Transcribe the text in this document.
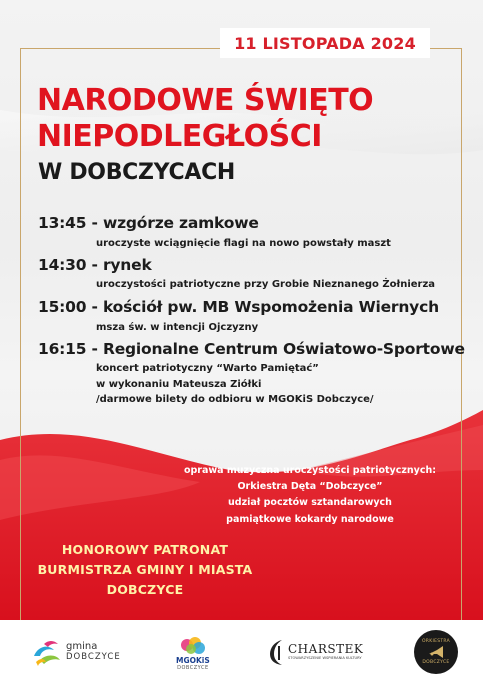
11 LISTOPADA 2024
NARODOWE ŚWIĘTO
NIEPODLEGŁOŚCI
W DOBCZYCACH
13:45 - wzgórze zamkowe
uroczyste wciągnięcie flagi na nowo powstały maszt
14:30 - rynek
uroczystości patriotyczne przy Grobie Nieznanego Żołnierza
15:00 - kościół pw. MB Wspomożenia Wiernych
msza św. w intencji Ojczyzny
16:15 - Regionalne Centrum Oświatowo-Sportowe
koncert patriotyczny “Warto Pamiętać”
w wykonaniu Mateusza Ziółki
/darmowe bilety do odbioru w MGOKiS Dobczyce/
oprawa muzyczna uroczystości patriotycznych:
Orkiestra Dęta “Dobczyce”
udział pocztów sztandarowych
pamiątkowe kokardy narodowe
HONOROWY PATRONAT
BURMISTRZA GMINY I MIASTA
DOBCZYCE
gmina
DOBCZYCE	MGOKiS
DOBCZYCE
CHARSTEK
STOWARZYSZENIE WSPIERANIA KULTURY
ORKIESTRA
DOBCZYCE
